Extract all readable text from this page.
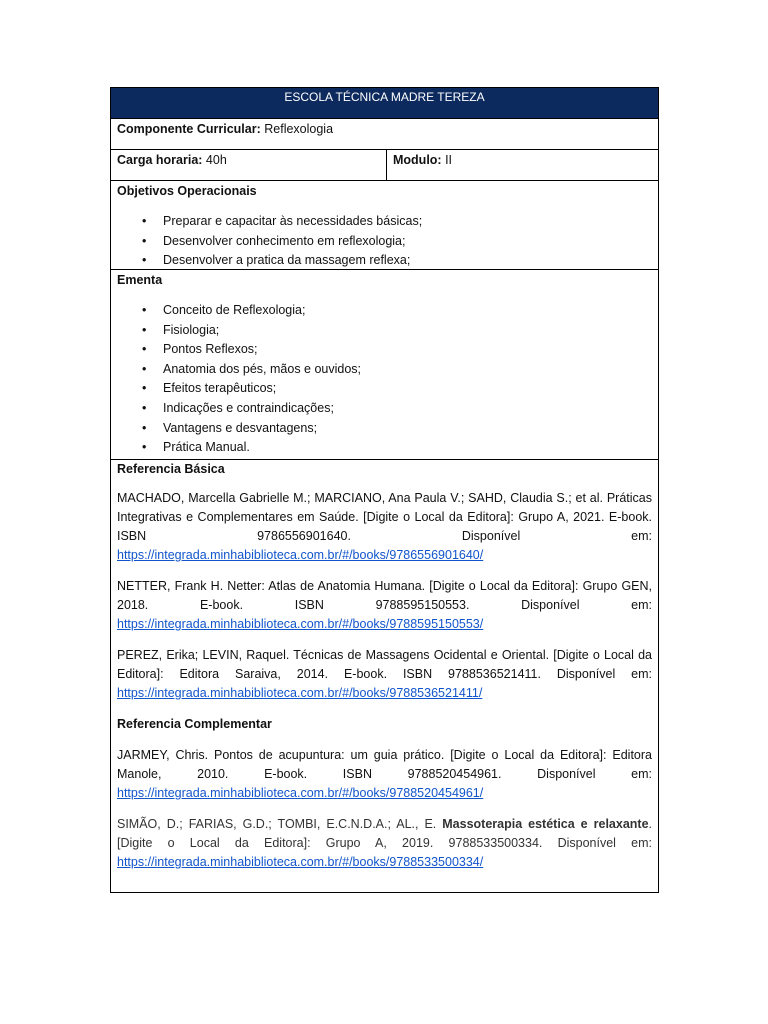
ESCOLA TÉCNICA MADRE TEREZA
Componente Curricular: Reflexologia
Carga horaria: 40h	Modulo: II
Objetivos Operacionais
• Preparar e capacitar às necessidades básicas;
• Desenvolver conhecimento em reflexologia;
• Desenvolver a pratica da massagem reflexa;
Ementa
• Conceito de Reflexologia;
• Fisiologia;
• Pontos Reflexos;
• Anatomia dos pés, mãos e ouvidos;
• Efeitos terapêuticos;
• Indicações e contraindicações;
• Vantagens e desvantagens;
• Prática Manual.
Referencia Básica

MACHADO, Marcella Gabrielle M.; MARCIANO, Ana Paula V.; SAHD, Claudia S.; et al. Práticas Integrativas e Complementares em Saúde. [Digite o Local da Editora]: Grupo A, 2021. E-book. ISBN 9786556901640. Disponível em: https://integrada.minhabiblioteca.com.br/#/books/9786556901640/

NETTER, Frank H. Netter: Atlas de Anatomia Humana. [Digite o Local da Editora]: Grupo GEN, 2018. E-book. ISBN 9788595150553. Disponível em: https://integrada.minhabiblioteca.com.br/#/books/9788595150553/

PEREZ, Erika; LEVIN, Raquel. Técnicas de Massagens Ocidental e Oriental. [Digite o Local da Editora]: Editora Saraiva, 2014. E-book. ISBN 9788536521411. Disponível em: https://integrada.minhabiblioteca.com.br/#/books/9788536521411/

Referencia Complementar

JARMEY, Chris. Pontos de acupuntura: um guia prático. [Digite o Local da Editora]: Editora Manole, 2010. E-book. ISBN 9788520454961. Disponível em: https://integrada.minhabiblioteca.com.br/#/books/9788520454961/

SIMÃO, D.; FARIAS, G.D.; TOMBI, E.C.N.D.A.; AL., E. Massoterapia estética e relaxante. [Digite o Local da Editora]: Grupo A, 2019. 9788533500334. Disponível em: https://integrada.minhabiblioteca.com.br/#/books/9788533500334/
